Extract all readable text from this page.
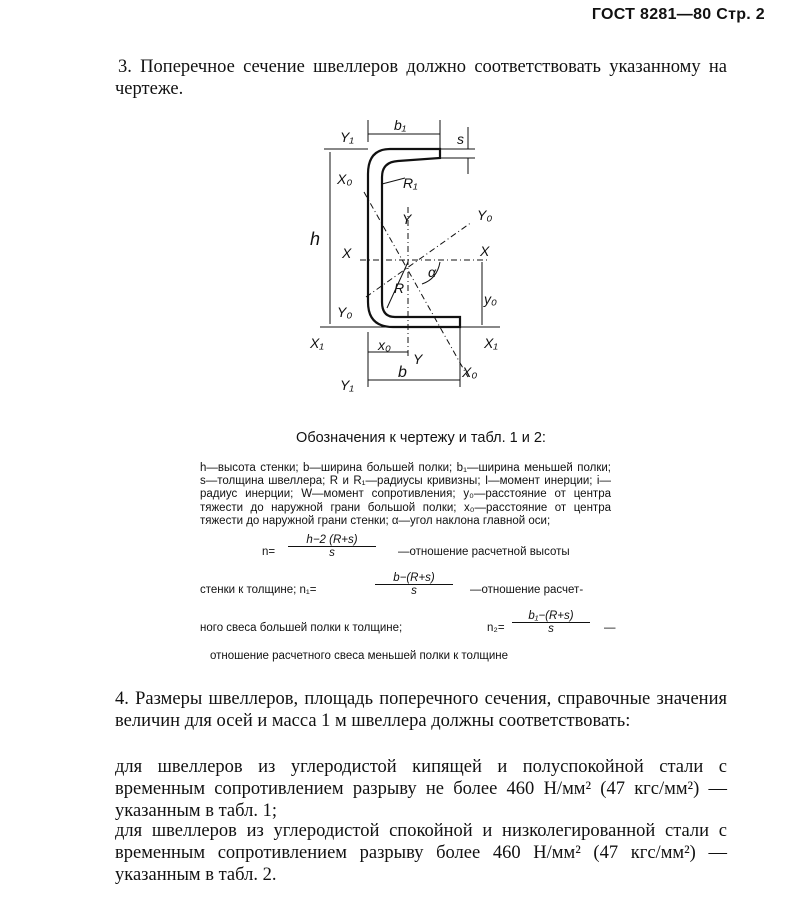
ГОСТ 8281—80 Стр. 2
3. Поперечное сечение швеллеров должно соответствовать указанному на чертеже.
Y₁
b₁
s
X₀	R₁
Y	Y₀
h
X	X
α
R
Y₀
y₀
X₁	X₁
x₀
Y
Y₁
b	X₀
Обозначения к чертежу и табл. 1 и 2:
h—высота стенки; b—ширина большей полки; b₁—ширина меньшей полки; s—толщина швеллера; R и R₁—радиусы кривизны; I—момент инерции; i—радиус инерции; W—момент сопротивления; y₀—расстояние от центра тяжести до наружной грани большой полки; x₀—расстояние от центра тяжести до наружной грани стенки; α—угол наклона главной оси;
$n= \frac{h-2 (R+s)}{s}$ —отношение расчетной высоты
стенки к толщине; n₁=	$\frac{b-(R+s)}{s}$ —отношение расчет-
ного свеса большей полки к толщине;	$n_2= \frac{\text{b₁−(R+s)}}{s}$ —
отношение расчетного свеса меньшей полки к толщине
4. Размеры швеллеров, площадь поперечного сечения, справочные значения величин для осей и масса 1 м швеллера должны соответствовать:
для швеллеров из углеродистой кипящей и полуспокойной стали с временным сопротивлением разрыву не более 460 Н/мм² (47 кгс/мм²) — указанным в табл. 1;
для швеллеров из углеродистой спокойной и низколегированной стали с временным сопротивлением разрыву более 460 Н/мм² (47 кгс/мм²) — указанным в табл. 2.
